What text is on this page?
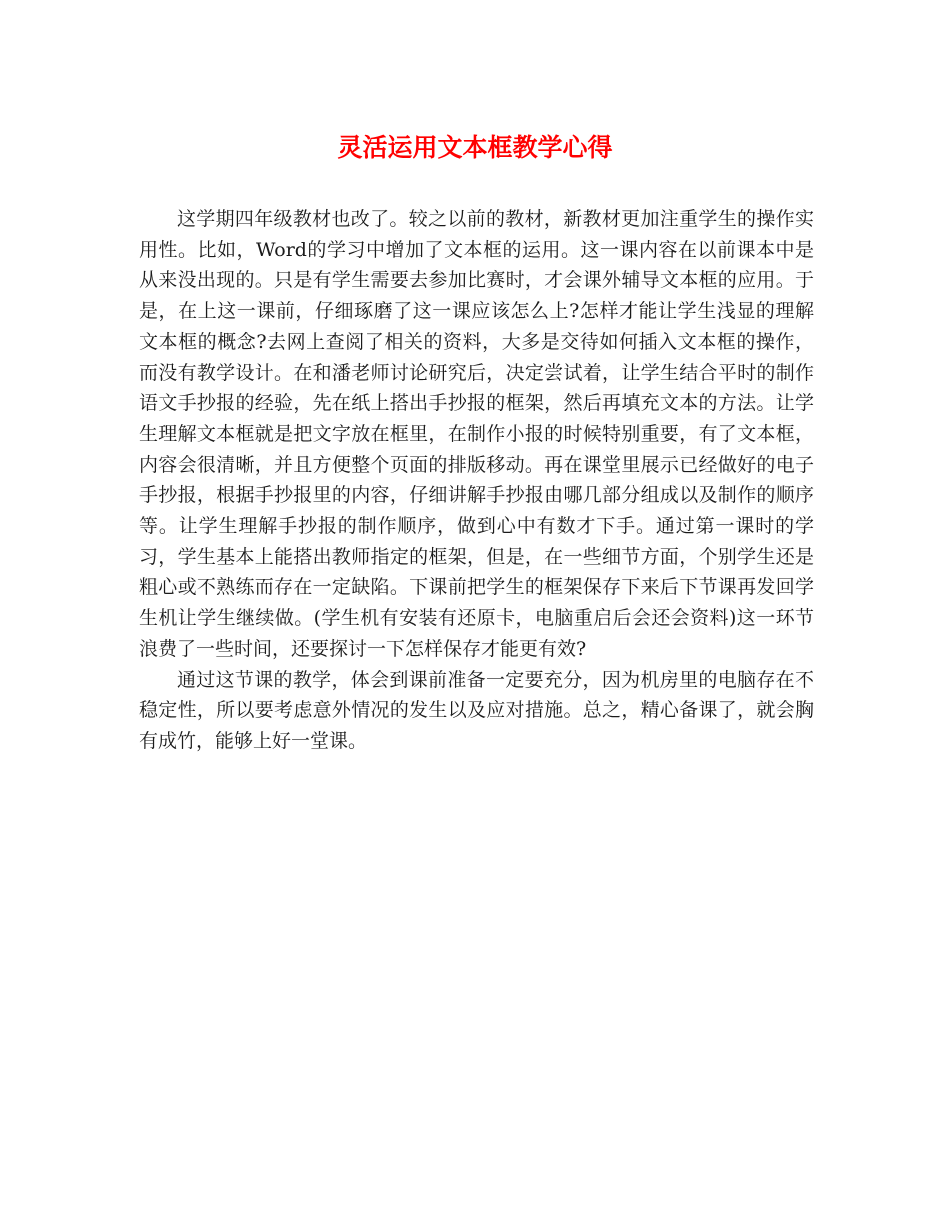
灵活运用文本框教学心得

这学期四年级教材也改了。较之以前的教材，新教材更加注重学生的操作实用性。比如，Word的学习中增加了文本框的运用。这一课内容在以前课本中是从来没出现的。只是有学生需要去参加比赛时，才会课外辅导文本框的应用。于是，在上这一课前，仔细琢磨了这一课应该怎么上?怎样才能让学生浅显的理解文本框的概念?去网上查阅了相关的资料，大多是交待如何插入文本框的操作，而没有教学设计。在和潘老师讨论研究后，决定尝试着，让学生结合平时的制作语文手抄报的经验，先在纸上搭出手抄报的框架，然后再填充文本的方法。让学生理解文本框就是把文字放在框里，在制作小报的时候特别重要，有了文本框，内容会很清晰，并且方便整个页面的排版移动。再在课堂里展示已经做好的电子手抄报，根据手抄报里的内容，仔细讲解手抄报由哪几部分组成以及制作的顺序等。让学生理解手抄报的制作顺序，做到心中有数才下手。通过第一课时的学习，学生基本上能搭出教师指定的框架，但是，在一些细节方面，个别学生还是粗心或不熟练而存在一定缺陷。下课前把学生的框架保存下来后下节课再发回学生机让学生继续做。(学生机有安装有还原卡，电脑重启后会还会资料)这一环节浪费了一些时间，还要探讨一下怎样保存才能更有效?

通过这节课的教学，体会到课前准备一定要充分，因为机房里的电脑存在不稳定性，所以要考虑意外情况的发生以及应对措施。总之，精心备课了，就会胸有成竹，能够上好一堂课。
